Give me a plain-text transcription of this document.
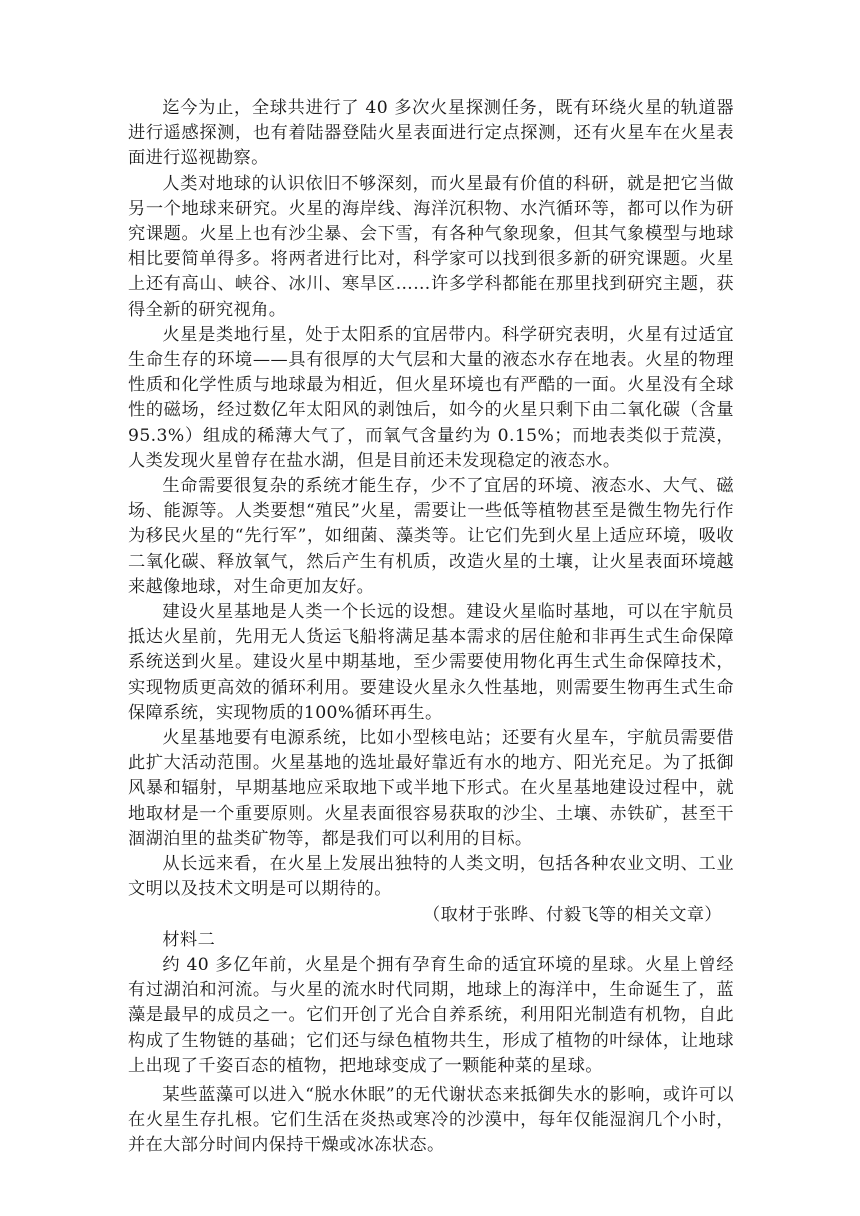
迄今为止，全球共进行了 40 多次火星探测任务，既有环绕火星的轨道器进行遥感探测，也有着陆器登陆火星表面进行定点探测，还有火星车在火星表面进行巡视勘察。

人类对地球的认识依旧不够深刻，而火星最有价值的科研，就是把它当做另一个地球来研究。火星的海岸线、海洋沉积物、水汽循环等，都可以作为研究课题。火星上也有沙尘暴、会下雪，有各种气象现象，但其气象模型与地球相比要简单得多。将两者进行比对，科学家可以找到很多新的研究课题。火星上还有高山、峡谷、冰川、寒旱区……许多学科都能在那里找到研究主题，获得全新的研究视角。

火星是类地行星，处于太阳系的宜居带内。科学研究表明，火星有过适宜生命生存的环境——具有很厚的大气层和大量的液态水存在地表。火星的物理性质和化学性质与地球最为相近，但火星环境也有严酷的一面。火星没有全球性的磁场，经过数亿年太阳风的剥蚀后，如今的火星只剩下由二氧化碳（含量 95.3%）组成的稀薄大气了，而氧气含量约为 0.15%；而地表类似于荒漠，人类发现火星曾存在盐水湖，但是目前还未发现稳定的液态水。

生命需要很复杂的系统才能生存，少不了宜居的环境、液态水、大气、磁场、能源等。人类要想“殖民”火星，需要让一些低等植物甚至是微生物先行作为移民火星的“先行军”，如细菌、藻类等。让它们先到火星上适应环境，吸收二氧化碳、释放氧气，然后产生有机质，改造火星的土壤，让火星表面环境越来越像地球，对生命更加友好。

建设火星基地是人类一个长远的设想。建设火星临时基地，可以在宇航员抵达火星前，先用无人货运飞船将满足基本需求的居住舱和非再生式生命保障系统送到火星。建设火星中期基地，至少需要使用物化再生式生命保障技术，实现物质更高效的循环利用。要建设火星永久性基地，则需要生物再生式生命保障系统，实现物质的100%循环再生。

火星基地要有电源系统，比如小型核电站；还要有火星车，宇航员需要借此扩大活动范围。火星基地的选址最好靠近有水的地方、阳光充足。为了抵御风暴和辐射，早期基地应采取地下或半地下形式。在火星基地建设过程中，就地取材是一个重要原则。火星表面很容易获取的沙尘、土壤、赤铁矿，甚至干涸湖泊里的盐类矿物等，都是我们可以利用的目标。

从长远来看，在火星上发展出独特的人类文明，包括各种农业文明、工业文明以及技术文明是可以期待的。

（取材于张晔、付毅飞等的相关文章）

材料二

约 40 多亿年前，火星是个拥有孕育生命的适宜环境的星球。火星上曾经有过湖泊和河流。与火星的流水时代同期，地球上的海洋中，生命诞生了，蓝藻是最早的成员之一。它们开创了光合自养系统，利用阳光制造有机物，自此构成了生物链的基础；它们还与绿色植物共生，形成了植物的叶绿体，让地球上出现了千姿百态的植物，把地球变成了一颗能种菜的星球。

某些蓝藻可以进入“脱水休眠”的无代谢状态来抵御失水的影响，或许可以在火星生存扎根。它们生活在炎热或寒冷的沙漠中，每年仅能湿润几个小时，并在大部分时间内保持干燥或冰冻状态。
